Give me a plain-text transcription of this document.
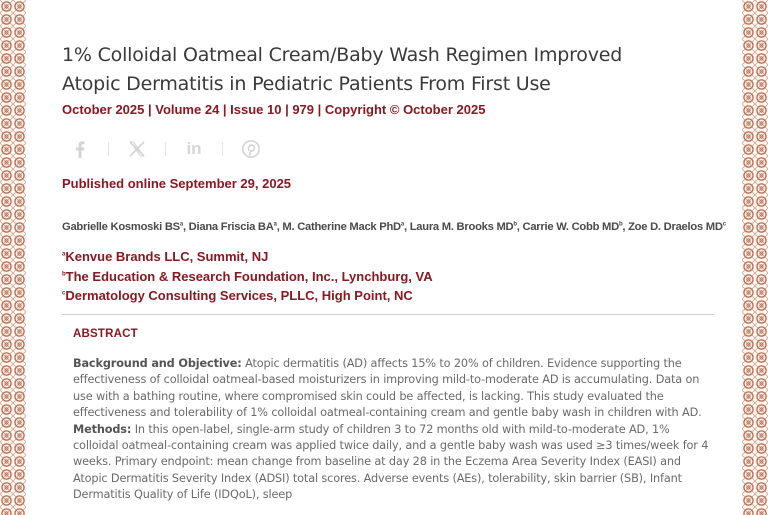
1% Colloidal Oatmeal Cream/Baby Wash Regimen Improved Atopic Dermatitis in Pediatric Patients From First Use
October 2025 | Volume 24 | Issue 10 | 979 | Copyright © October 2025
in
Published online September 29, 2025
Gabrielle Kosmoski $BS^a$, Diana Friscia $BA^a$, M. Catherine Mack PhD$^a$, Laura M. Brooks $MD^b$, Carrie W. Cobb $MD^b$, Zoe D. Draelos $MD^c$
$^a$Kenvue Brands LLC, Summit, NJ
$^b$The Education & Research Foundation, Inc., Lynchburg, VA
$^c$Dermatology Consulting Services, PLLC, High Point, NC
ABSTRACT

Background and Objective: Atopic dermatitis (AD) affects 15% to 20% of children. Evidence supporting the effectiveness of colloidal oatmeal-based moisturizers in improving mild-to-moderate AD is accumulating. Data on use with a bathing routine, where compromised skin could be affected, is lacking. This study evaluated the effectiveness and tolerability of 1% colloidal oatmeal-containing cream and gentle baby wash in children with AD.

Methods: In this open-label, single-arm study of children 3 to 72 months old with mild-to-moderate AD, 1% colloidal oatmeal-containing cream was applied twice daily, and a gentle baby wash was used ≥3 times/week for 4 weeks. Primary endpoint: mean change from baseline at day 28 in the Eczema Area Severity Index (EASI) and Atopic Dermatitis Severity Index (ADSI) total scores. Adverse events (AEs), tolerability, skin barrier (SB), Infant Dermatitis Quality of Life (IDQoL), sleep
